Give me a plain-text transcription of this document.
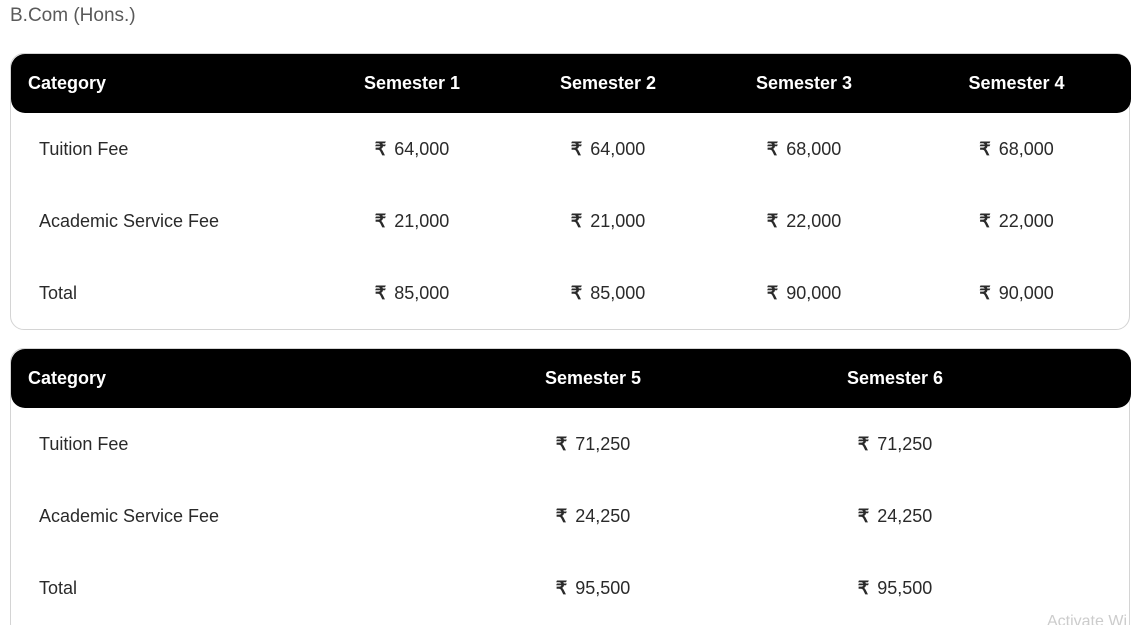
B.Com (Hons.)
Category	Semester 1	Semester 2	Semester 3	Semester 4
Tuition Fee	₹ 64,000	₹ 64,000	₹ 68,000	₹ 68,000
Academic Service Fee	₹ 21,000	₹ 21,000	₹ 22,000	₹ 22,000
Total	₹ 85,000	₹ 85,000	₹ 90,000	₹ 90,000
Category	Semester 5	Semester 6	
Tuition Fee	₹ 71,250	₹ 71,250	
Academic Service Fee	₹ 24,250	₹ 24,250	
Total	₹ 95,500	₹ 95,500	
Activate Wi
